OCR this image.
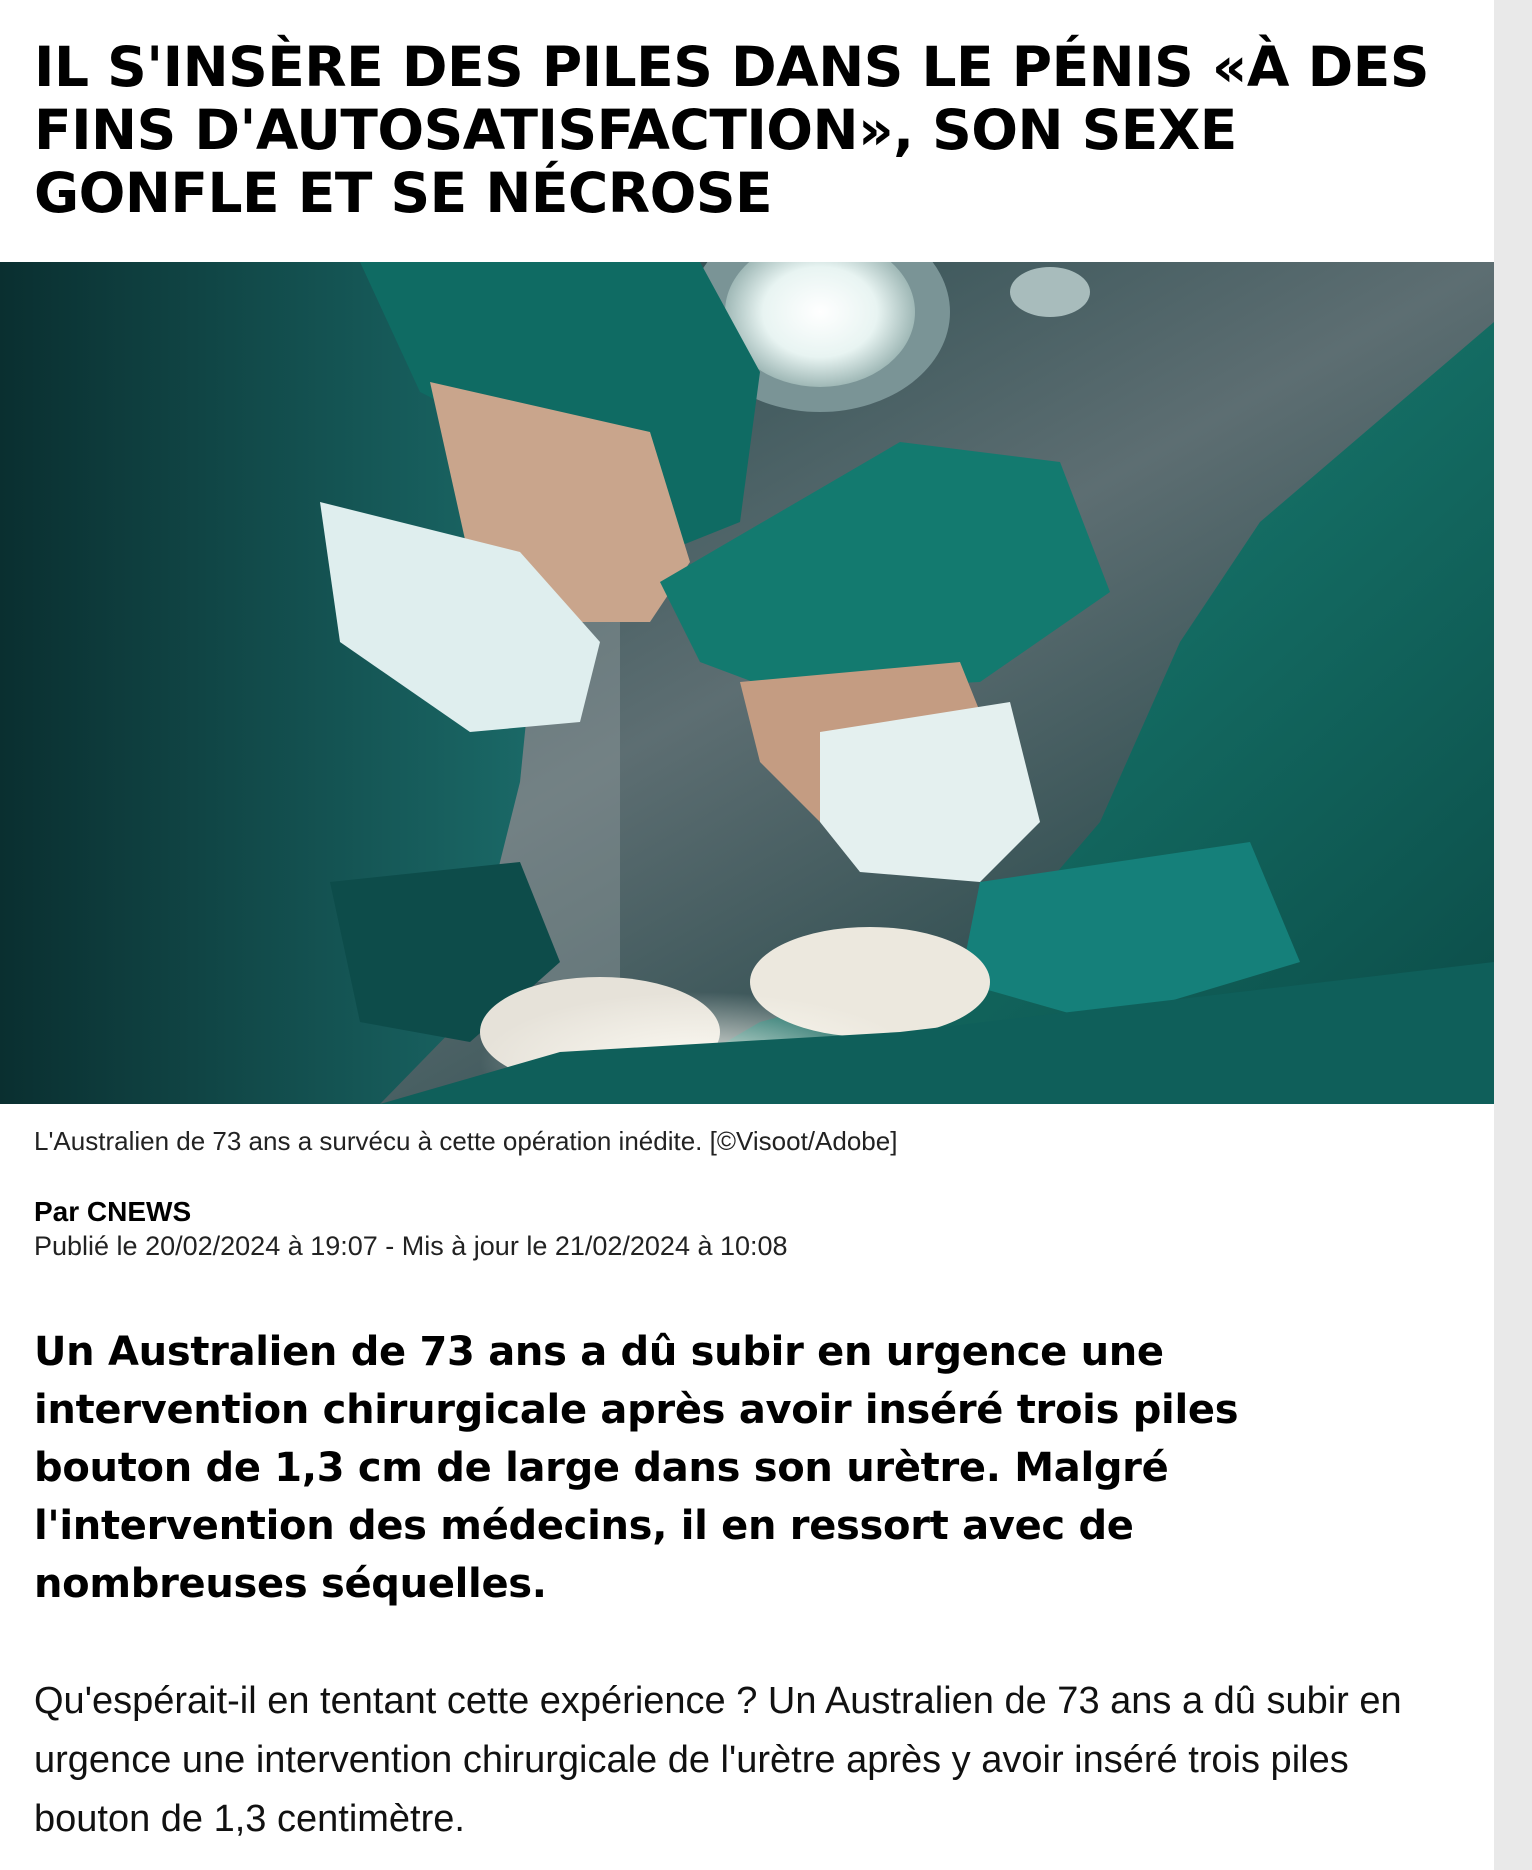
IL S'INSÈRE DES PILES DANS LE PÉNIS «À DES FINS D'AUTOSATISFACTION», SON SEXE GONFLE ET SE NÉCROSE
L'Australien de 73 ans a survécu à cette opération inédite. [©Visoot/Adobe]
Par CNEWS
Publié le 20/02/2024 à 19:07 - Mis à jour le 21/02/2024 à 10:08

Un Australien de 73 ans a dû subir en urgence une intervention chirurgicale après avoir inséré trois piles bouton de 1,3 cm de large dans son urètre. Malgré l'intervention des médecins, il en ressort avec de nombreuses séquelles.

Qu'espérait-il en tentant cette expérience ? Un Australien de 73 ans a dû subir en urgence une intervention chirurgicale de l'urètre après y avoir inséré trois piles bouton de 1,3 centimètre.
